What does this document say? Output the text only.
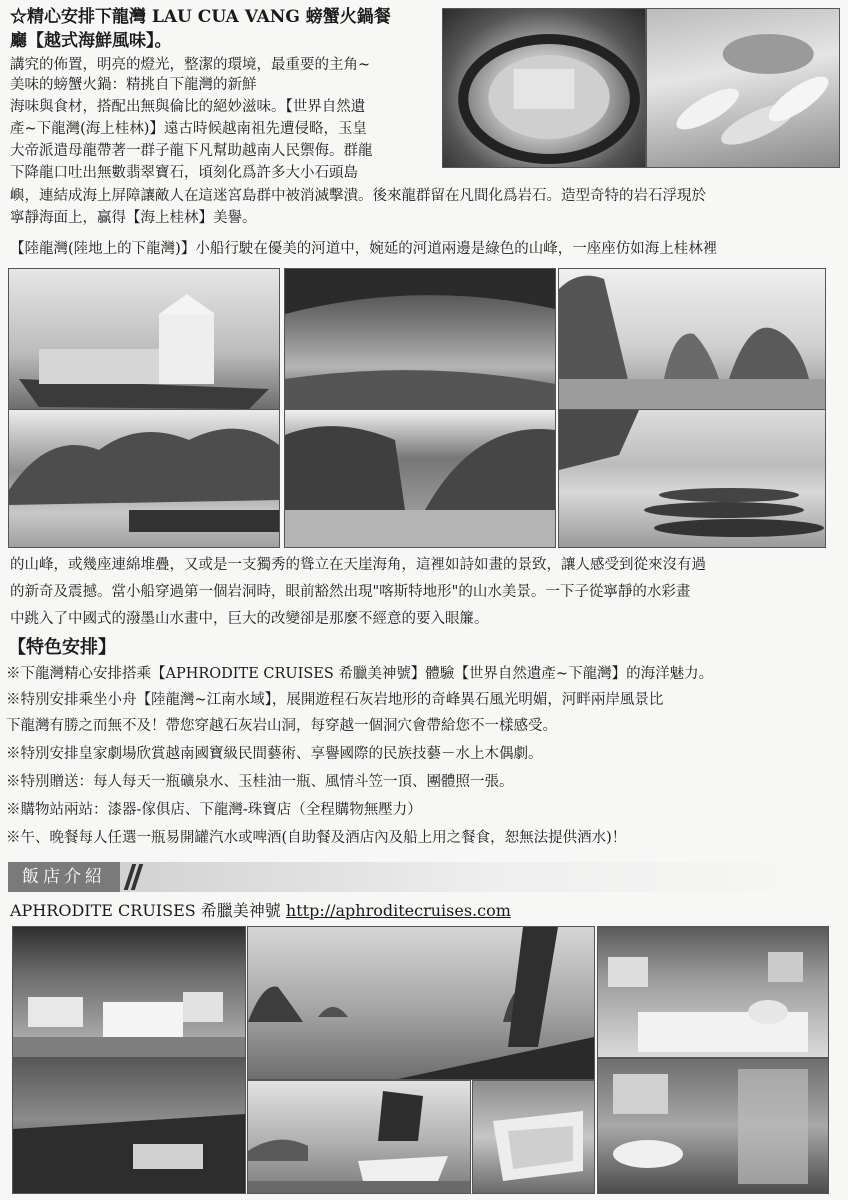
☆精心安排下龍灣 LAU CUA VANG 螃蟹火鍋餐
廳【越式海鮮風味】。
講究的佈置，明亮的燈光，整潔的環境，最重要的主角~
美味的螃蟹火鍋：精挑自下龍灣的新鮮
海味與食材，搭配出無與倫比的絕妙滋味。【世界自然遺
產~下龍灣(海上桂林)】遠古時候越南祖先遭侵略，玉皇
大帝派遣母龍帶著一群子龍下凡幫助越南人民禦侮。群龍
下降龍口吐出無數翡翠寶石，頃刻化爲許多大小石頭島
嶼，連結成海上屏障讓敵人在這迷宮島群中被消滅擊潰。後來龍群留在凡間化爲岩石。造型奇特的岩石浮現於
寧靜海面上，贏得【海上桂林】美譽。
【陸龍灣(陸地上的下龍灣)】小船行駛在優美的河道中，婉延的河道兩邊是綠色的山峰，一座座仿如海上桂林裡
的山峰，或幾座連綿堆疊，又或是一支獨秀的聳立在天崖海角，這裡如詩如畫的景致，讓人感受到從來沒有過
的新奇及震撼。當小船穿過第一個岩洞時，眼前豁然出現"喀斯特地形"的山水美景。一下子從寧靜的水彩畫
中跳入了中國式的潑墨山水畫中，巨大的改變卻是那麼不經意的要入眼簾。
【特色安排】
※下龍灣精心安排搭乘【APHRODITE CRUISES 希臘美神號】體驗【世界自然遺產~下龍灣】的海洋魅力。
※特別安排乘坐小舟【陸龍灣~江南水域】，展開遊程石灰岩地形的奇峰異石風光明媚，河畔兩岸風景比
下龍灣有勝之而無不及！帶您穿越石灰岩山洞，每穿越一個洞穴會帶給您不一樣感受。
※特別安排皇家劇場欣賞越南國寶級民間藝術、享譽國際的民族技藝－水上木偶劇。
※特別贈送：每人每天一瓶礦泉水、玉桂油一瓶、風情斗笠一頂、團體照一張。
※購物站兩站：漆器-傢俱店、下龍灣-珠寶店（全程購物無壓力）
※午、晚餐每人任選一瓶易開罐汽水或啤酒(自助餐及酒店內及船上用之餐食，恕無法提供酒水)！
飯店介紹
APHRODITE CRUISES 希臘美神號 http://aphroditecruises.com
